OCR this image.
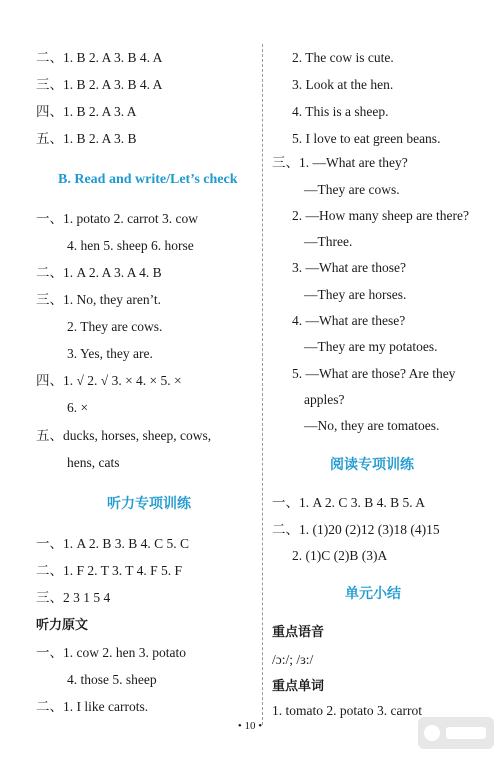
二、1. B 2. A 3. B 4. A
三、1. B 2. A 3. B 4. A
四、1. B 2. A 3. A
五、1. B 2. A 3. B
B. Read and write/Let’s check
一、1. potato 2. carrot 3. cow
4. hen 5. sheep 6. horse
二、1. A 2. A 3. A 4. B
三、1. No, they aren’t.
2. They are cows.
3. Yes, they are.
四、1. √ 2. √ 3. × 4. × 5. ×
6. ×
五、ducks, horses, sheep, cows,
hens, cats
听力专项训练
一、1. A 2. B 3. B 4. C 5. C
二、1. F 2. T 3. T 4. F 5. F
三、2 3 1 5 4
听力原文
一、1. cow 2. hen 3. potato
4. those 5. sheep
二、1. I like carrots.
2. The cow is cute.
3. Look at the hen.
4. This is a sheep.
5. I love to eat green beans.
三、1. —What are they?
—They are cows.
2. —How many sheep are there?
—Three.
3. —What are those?
—They are horses.
4. —What are these?
—They are my potatoes.
5. —What are those? Are they
apples?
—No, they are tomatoes.
阅读专项训练
一、1. A 2. C 3. B 4. B 5. A
二、1. (1)20 (2)12 (3)18 (4)15
2. (1)C (2)B (3)A
单元小结
重点语音
/ɔ:/; /ɜ:/
重点单词
1. tomato 2. potato 3. carrot
• 10 •
